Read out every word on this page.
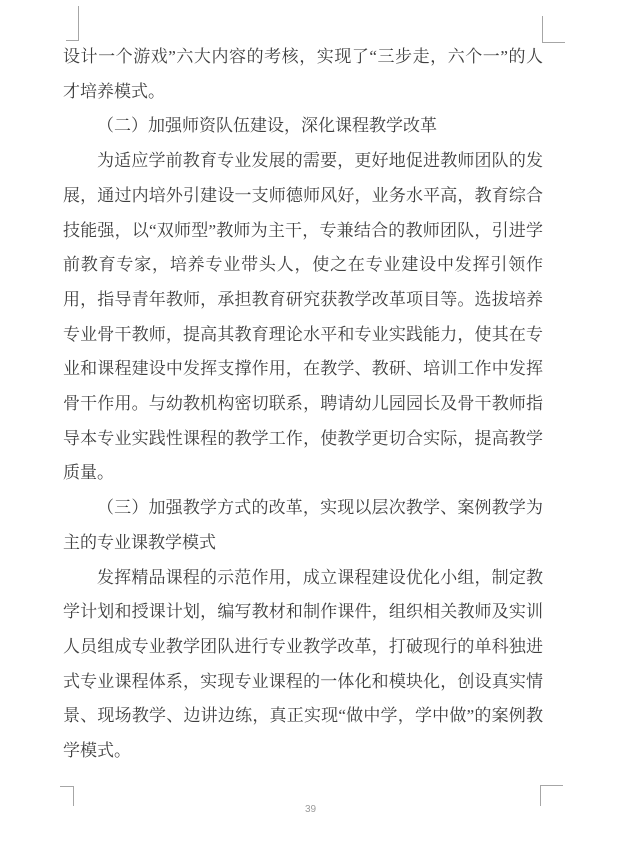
设计一个游戏”六大内容的考核，实现了“三步走，六个一”的人才培养模式。

（二）加强师资队伍建设，深化课程教学改革

为适应学前教育专业发展的需要，更好地促进教师团队的发展，通过内培外引建设一支师德师风好，业务水平高，教育综合技能强，以“双师型”教师为主干，专兼结合的教师团队，引进学前教育专家，培养专业带头人，使之在专业建设中发挥引领作用，指导青年教师，承担教育研究获教学改革项目等。选拔培养专业骨干教师，提高其教育理论水平和专业实践能力，使其在专业和课程建设中发挥支撑作用，在教学、教研、培训工作中发挥骨干作用。与幼教机构密切联系，聘请幼儿园园长及骨干教师指导本专业实践性课程的教学工作，使教学更切合实际，提高教学质量。

（三）加强教学方式的改革，实现以层次教学、案例教学为主的专业课教学模式

发挥精品课程的示范作用，成立课程建设优化小组，制定教学计划和授课计划，编写教材和制作课件，组织相关教师及实训人员组成专业教学团队进行专业教学改革，打破现行的单科独进式专业课程体系，实现专业课程的一体化和模块化，创设真实情景、现场教学、边讲边练，真正实现“做中学，学中做”的案例教学模式。

39
